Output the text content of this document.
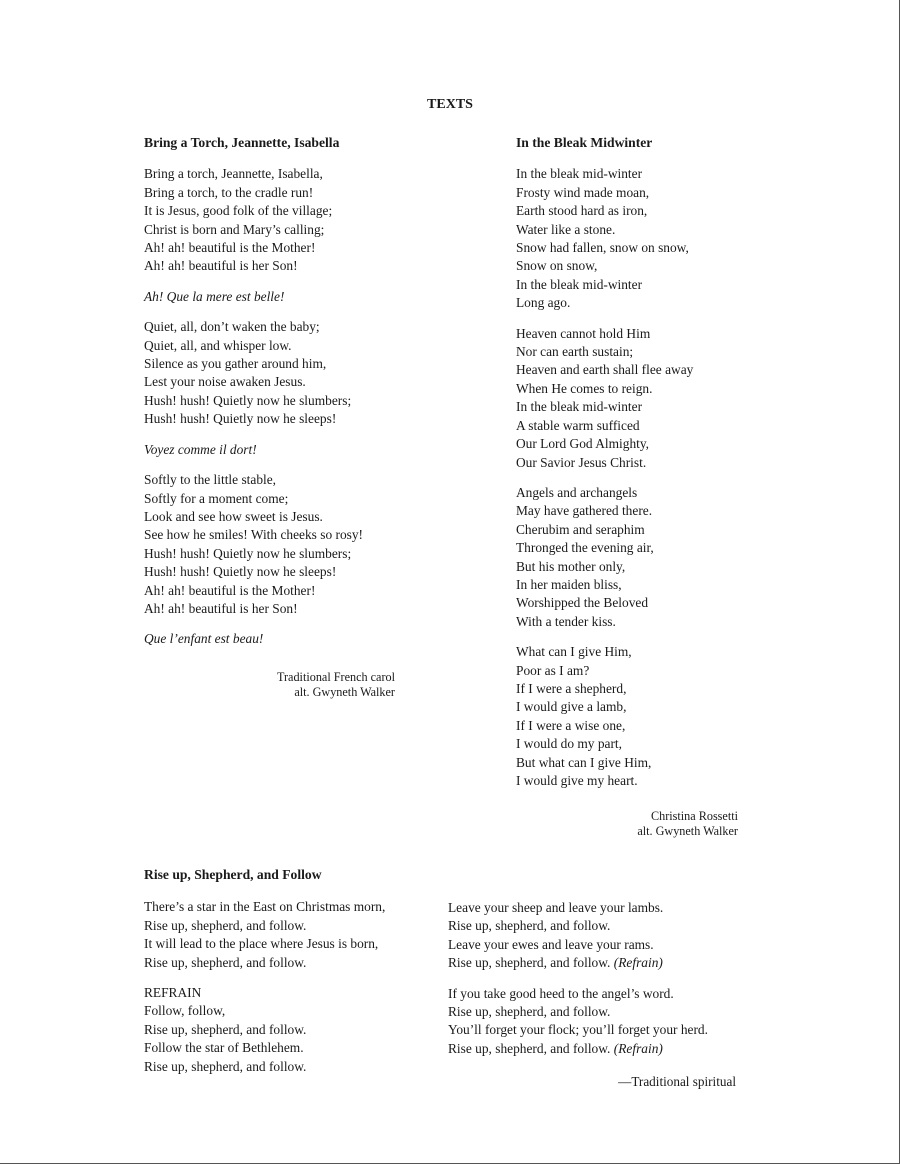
TEXTS
Bring a Torch, Jeannette, Isabella
Bring a torch, Jeannette, Isabella,
Bring a torch, to the cradle run!
It is Jesus, good folk of the village;
Christ is born and Mary’s calling;
Ah! ah! beautiful is the Mother!
Ah! ah! beautiful is her Son!
Ah! Que la mere est belle!
Quiet, all, don’t waken the baby;
Quiet, all, and whisper low.
Silence as you gather around him,
Lest your noise awaken Jesus.
Hush! hush! Quietly now he slumbers;
Hush! hush! Quietly now he sleeps!
Voyez comme il dort!
Softly to the little stable,
Softly for a moment come;
Look and see how sweet is Jesus.
See how he smiles! With cheeks so rosy!
Hush! hush! Quietly now he slumbers;
Hush! hush! Quietly now he sleeps!
Ah! ah! beautiful is the Mother!
Ah! ah! beautiful is her Son!
Que l’enfant est beau!
Traditional French carol
alt. Gwyneth Walker
In the Bleak Midwinter
In the bleak mid-winter
Frosty wind made moan,
Earth stood hard as iron,
Water like a stone.
Snow had fallen, snow on snow,
Snow on snow,
In the bleak mid-winter
Long ago.
Heaven cannot hold Him
Nor can earth sustain;
Heaven and earth shall flee away
When He comes to reign.
In the bleak mid-winter
A stable warm sufficed
Our Lord God Almighty,
Our Savior Jesus Christ.
Angels and archangels
May have gathered there.
Cherubim and seraphim
Thronged the evening air,
But his mother only,
In her maiden bliss,
Worshipped the Beloved
With a tender kiss.
What can I give Him,
Poor as I am?
If I were a shepherd,
I would give a lamb,
If I were a wise one,
I would do my part,
But what can I give Him,
I would give my heart.
Christina Rossetti
alt. Gwyneth Walker
Rise up, Shepherd, and Follow
There’s a star in the East on Christmas morn,
Rise up, shepherd, and follow.
It will lead to the place where Jesus is born,
Rise up, shepherd, and follow.
REFRAIN
Follow, follow,
Rise up, shepherd, and follow.
Follow the star of Bethlehem.
Rise up, shepherd, and follow.
Leave your sheep and leave your lambs.
Rise up, shepherd, and follow.
Leave your ewes and leave your rams.
Rise up, shepherd, and follow. (Refrain)
If you take good heed to the angel’s word.
Rise up, shepherd, and follow.
You’ll forget your flock; you’ll forget your herd.
Rise up, shepherd, and follow. (Refrain)
—Traditional spiritual
